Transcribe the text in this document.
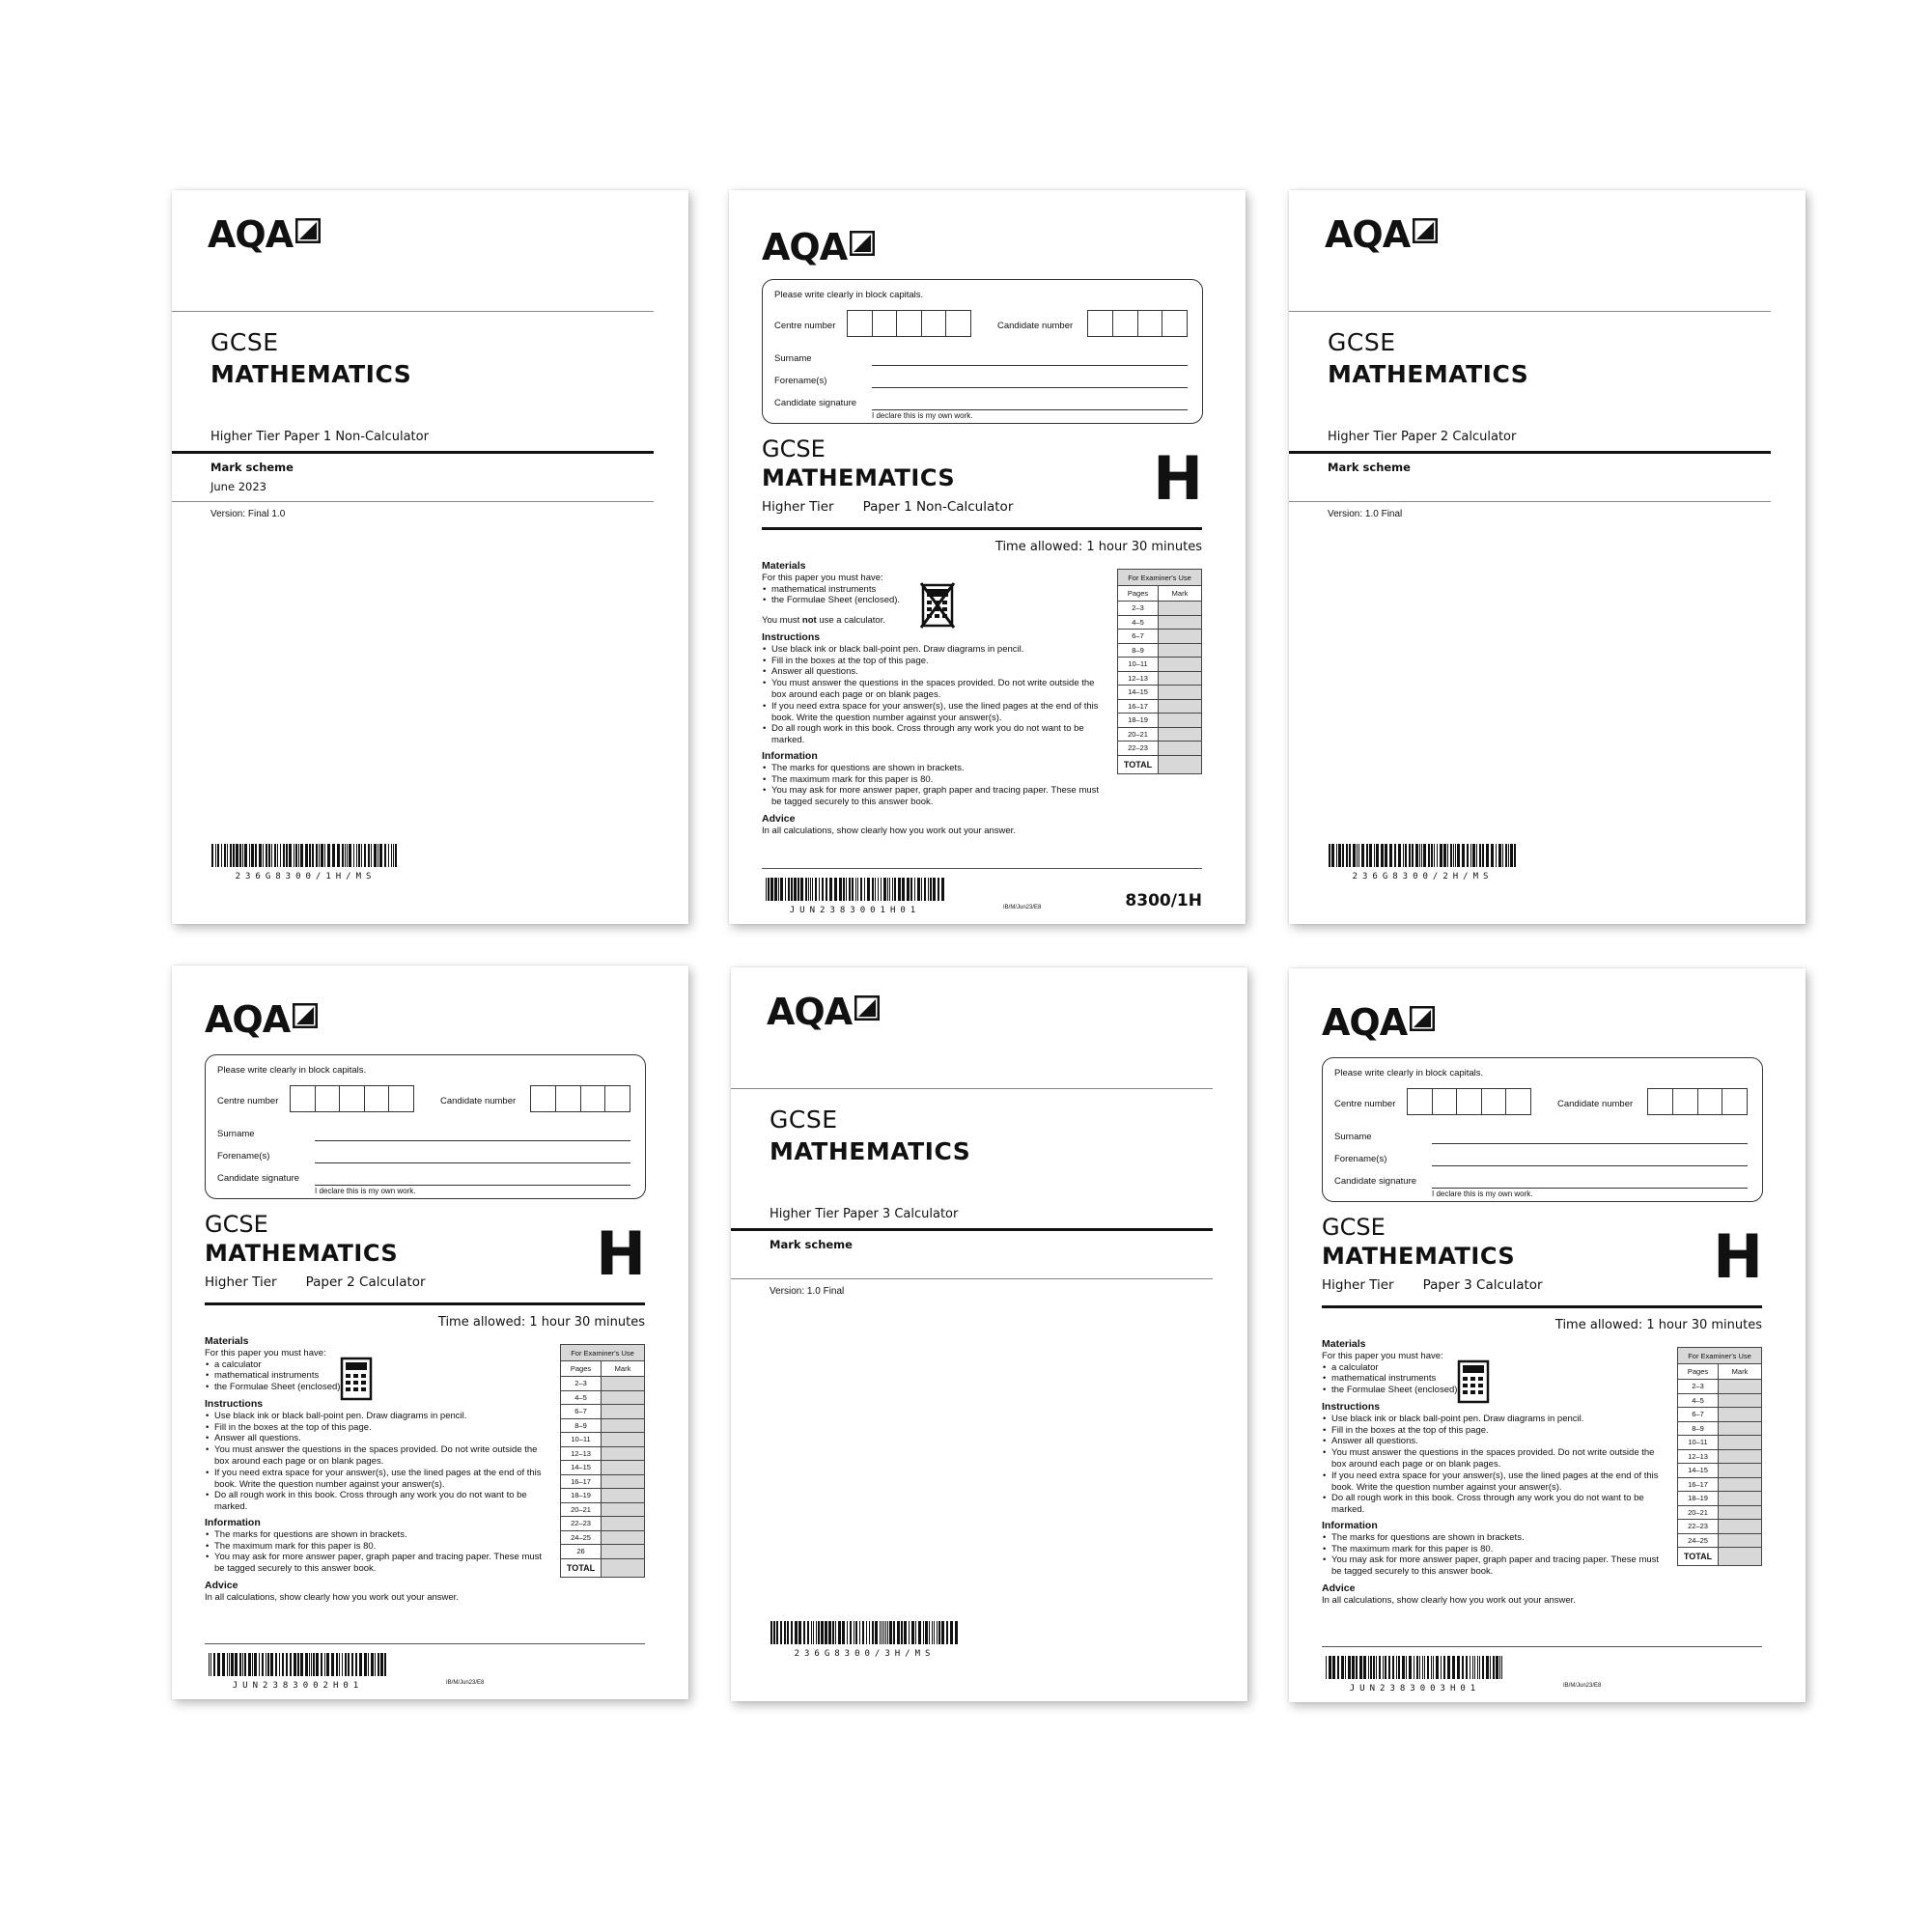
AQA
GCSE
MATHEMATICS
Higher Tier Paper 1 Non-Calculator
Mark scheme
June 2023
Version: Final 1.0
236G8300/1H/MS
AQA
Please write clearly in block capitals.
Centre number	Candidate number
Surname
Forename(s)
Candidate signature
I declare this is my own work.
GCSE
MATHEMATICS
Higher Tier Paper 1 Non-Calculator H
Time allowed: 1 hour 30 minutes
Materials

For this paper you must have:

• mathematical instruments
• the Formulae Sheet (enclosed).

You must not use a calculator.

Instructions
• Use black ink or black ball-point pen. Draw diagrams in pencil.
• Fill in the boxes at the top of this page.
• Answer all questions.
• You must answer the questions in the spaces provided. Do not write outside the box around each page or on blank pages.
• If you need extra space for your answer(s), use the lined pages at the end of this book. Write the question number against your answer(s).
• Do all rough work in this book. Cross through any work you do not want to be marked.
Information
• The marks for questions are shown in brackets.
• The maximum mark for this paper is 80.
• You may ask for more answer paper, graph paper and tracing paper. These must be tagged securely to this answer book.
Advice

In all calculations, show clearly how you work out your answer.

For Examiner's Use	
Pages	Mark
2–3	
4–5	
6–7	
8–9	
10–11	
12–13	
14–15	
16–17	
18–19	
20–21	
22–23	
TOTAL	
JUN2383001H01	IB/M/Jun23/E8	8300/1H
AQA
GCSE
MATHEMATICS
Higher Tier Paper 2 Calculator
Mark scheme
Version: 1.0 Final
236G8300/2H/MS
AQA
Please write clearly in block capitals.
Centre number	Candidate number
Surname
Forename(s)
Candidate signature
I declare this is my own work.
GCSE
MATHEMATICS
Higher Tier Paper 2 Calculator	H
Time allowed: 1 hour 30 minutes
Materials

For this paper you must have:

• a calculator
• mathematical instruments
• the Formulae Sheet (enclosed).
Instructions
• Use black ink or black ball-point pen. Draw diagrams in pencil.
• Fill in the boxes at the top of this page.
• Answer all questions.
• You must answer the questions in the spaces provided. Do not write outside the box around each page or on blank pages.
• If you need extra space for your answer(s), use the lined pages at the end of this book. Write the question number against your answer(s).
• Do all rough work in this book. Cross through any work you do not want to be marked.
Information
• The marks for questions are shown in brackets.
• The maximum mark for this paper is 80.
• You may ask for more answer paper, graph paper and tracing paper. These must be tagged securely to this answer book.
Advice

In all calculations, show clearly how you work out your answer.

For Examiner's Use	
Pages	Mark
2–3	
4–5	
6–7	
8–9	
10–11	
12–13	
14–15	
16–17	
18–19	
20–21	
22–23	
24–25	
26	
TOTAL	
JUN2383002H01	IB/M/Jun23/E8
AQA
GCSE
MATHEMATICS
Higher Tier Paper 3 Calculator
Mark scheme
Version: 1.0 Final
236G8300/3H/MS
AQA
Please write clearly in block capitals.
Centre number	Candidate number
Surname
Forename(s)
Candidate signature
I declare this is my own work.
GCSE
MATHEMATICS
Higher Tier Paper 3 Calculator	H
Time allowed: 1 hour 30 minutes
Materials

For this paper you must have:

• a calculator
• mathematical instruments
• the Formulae Sheet (enclosed).
Instructions
• Use black ink or black ball-point pen. Draw diagrams in pencil.
• Fill in the boxes at the top of this page.
• Answer all questions.
• You must answer the questions in the spaces provided. Do not write outside the box around each page or on blank pages.
• If you need extra space for your answer(s), use the lined pages at the end of this book. Write the question number against your answer(s).
• Do all rough work in this book. Cross through any work you do not want to be marked.
Information
• The marks for questions are shown in brackets.
• The maximum mark for this paper is 80.
• You may ask for more answer paper, graph paper and tracing paper. These must be tagged securely to this answer book.
Advice

In all calculations, show clearly how you work out your answer.

For Examiner's Use	
Pages	Mark
2–3	
4–5	
6–7	
8–9	
10–11	
12–13	
14–15	
16–17	
18–19	
20–21	
22–23	
24–25	
TOTAL	
JUN2383003H01	IB/M/Jun23/E8
